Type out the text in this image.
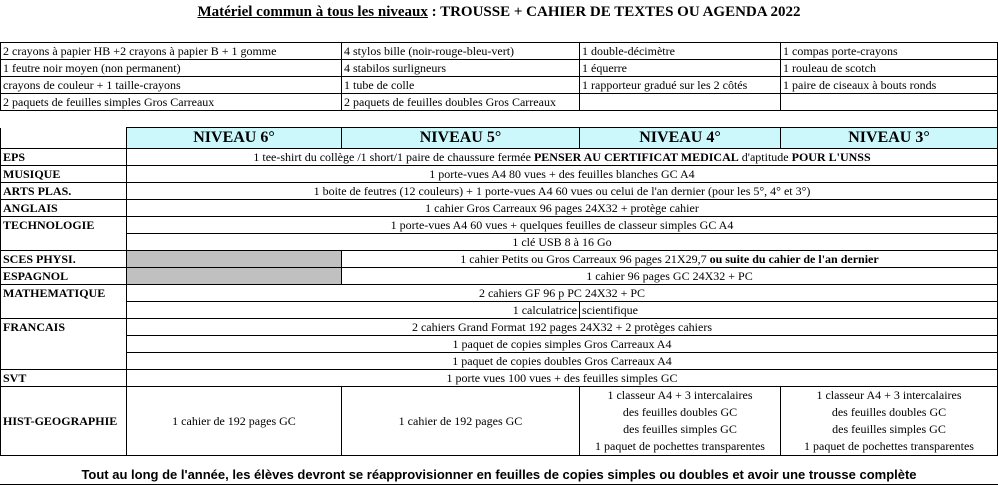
Matériel commun à tous les niveaux : TROUSSE + CAHIER DE TEXTES OU AGENDA 2022
2 crayons à papier HB +2 crayons à papier B + 1 gomme		4 stylos bille (noir-rouge-bleu-vert)	1 double-décimètre	1 compas porte-crayons
1 feutre noir moyen (non permanent)		4 stabilos surligneurs	1 équerre	1 rouleau de scotch
crayons de couleur + 1 taille-crayons		1 tube de colle	1 rapporteur gradué sur les 2 côtés	1 paire de ciseaux à bouts ronds
2 paquets de feuilles simples Gros Carreaux		2 paquets de feuilles doubles Gros Carreaux		

	NIVEAU 6°	NIVEAU 5°	NIVEAU 4°	NIVEAU 3°
EPS	1 tee-shirt du collège /1 short/1 paire de chaussure fermée PENSER AU CERTIFICAT MEDICAL d'aptitude POUR L'UNSS			
MUSIQUE	1 porte-vues A4 80 vues + des feuilles blanches GC A4			
ARTS PLAS.	1 boite de feutres (12 couleurs) + 1 porte-vues A4 60 vues ou celui de l'an dernier (pour les 5°, 4° et 3°)			
ANGLAIS	1 cahier Gros Carreaux 96 pages 24X32 + protège cahier			
TECHNOLOGIE	1 porte-vues A4 60 vues + quelques feuilles de classeur simples GC A4			
	1 clé USB 8 à 16 Go			
SCES PHYSI.		1 cahier Petits ou Gros Carreaux 96 pages 21X29,7 ou suite du cahier de l'an dernier		
ESPAGNOL		1 cahier 96 pages GC 24X32 + PC		
MATHEMATIQUE	2 cahiers GF 96 p PC 24X32 + PC			
		1 calculatrice	scientifique	
FRANCAIS	2 cahiers Grand Format 192 pages 24X32 + 2 protèges cahiers			
	1 paquet de copies simples Gros Carreaux A4			
	1 paquet de copies doubles Gros Carreaux A4			
SVT	1 porte vues 100 vues + des feuilles simples GC			
HIST-GEOGRAPHIE	1 cahier de 192 pages GC	1 cahier de 192 pages GC	1 classeur A4 + 3 intercalaires
des feuilles doubles GC
des feuilles simples GC
1 paquet de pochettes transparentes	1 classeur A4 + 3 intercalaires
des feuilles doubles GC
des feuilles simples GC
1 paquet de pochettes transparentes
Tout au long de l'année, les élèves devront se réapprovisionner en feuilles de copies simples ou doubles et avoir une trousse complète
